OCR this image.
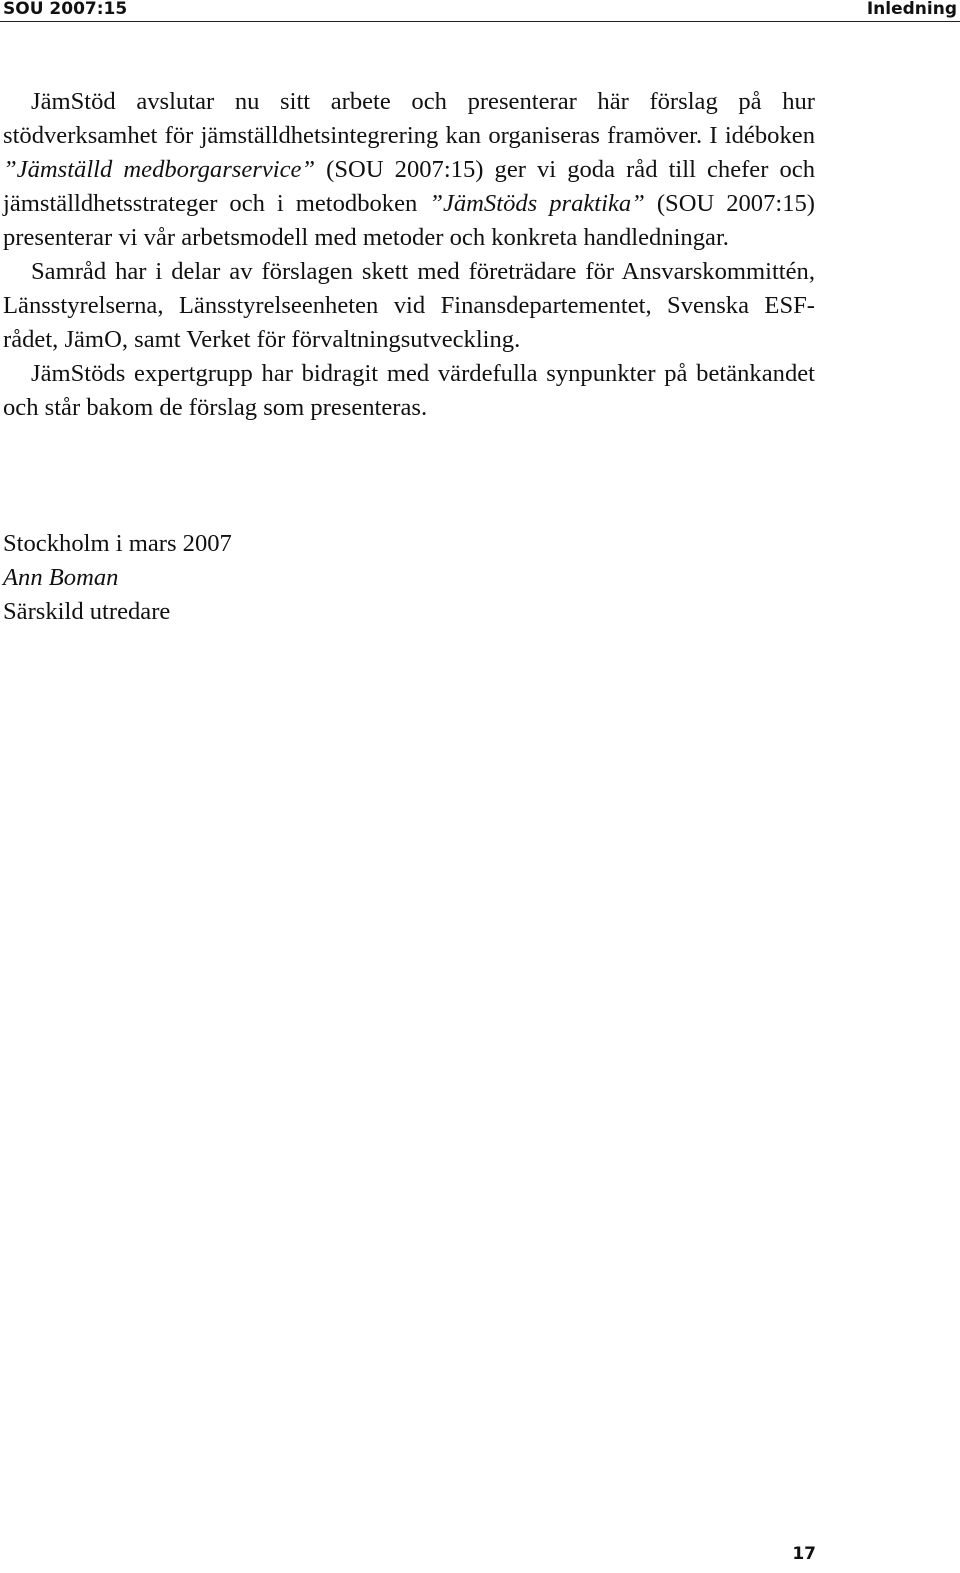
SOU 2007:15	Inledning

JämStöd avslutar nu sitt arbete och presenterar här förslag på hur stödverksamhet för jämställdhetsintegrering kan organiseras framöver. I idéboken ”Jämställd medborgarservice” (SOU 2007:15) ger vi goda råd till chefer och jämställdhetsstrateger och i metodboken ”JämStöds praktika” (SOU 2007:15) presenterar vi vår arbetsmodell med metoder och konkreta handledningar.

Samråd har i delar av förslagen skett med företrädare för Ansvarskommittén, Länsstyrelserna, Länsstyrelseenheten vid Finansdepartementet, Svenska ESF-rådet, JämO, samt Verket för förvaltningsutveckling.

JämStöds expertgrupp har bidragit med värdefulla synpunkter på betänkandet och står bakom de förslag som presenteras.

Stockholm i mars 2007
Ann Boman
Särskild utredare
17
